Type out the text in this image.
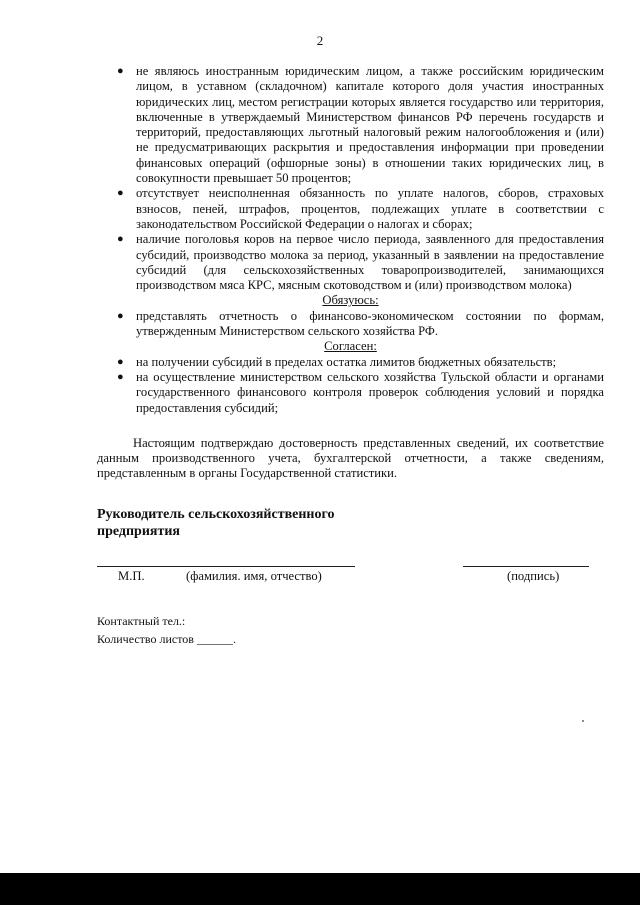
2
● не являюсь иностранным юридическим лицом, а также российским юридическим лицом, в уставном (складочном) капитале которого доля участия иностранных юридических лиц, местом регистрации которых является государство или территория, включенные в утверждаемый Министерством финансов РФ перечень государств и территорий, предоставляющих льготный налоговый режим налогообложения и (или) не предусматривающих раскрытия и предоставления информации при проведении финансовых операций (офшорные зоны) в отношении таких юридических лиц, в совокупности превышает 50 процентов;
● отсутствует неисполненная обязанность по уплате налогов, сборов, страховых взносов, пеней, штрафов, процентов, подлежащих уплате в соответствии с законодательством Российской Федерации о налогах и сборах;
● наличие поголовья коров на первое число периода, заявленного для предоставления субсидий, производство молока за период, указанный в заявлении на предоставление субсидий (для сельскохозяйственных товаропроизводителей, занимающихся производством мяса КРС, мясным скотоводством и (или) производством молока)
Обязуюсь:
● представлять отчетность о финансово-экономическом состоянии по формам, утвержденным Министерством сельского хозяйства РФ.
Согласен:
● на получении субсидий в пределах остатка лимитов бюджетных обязательств;
● на осуществление министерством сельского хозяйства Тульской области и органами государственного финансового контроля проверок соблюдения условий и порядка предоставления субсидий;
Настоящим подтверждаю достоверность представленных сведений, их соответствие данным производственного учета, бухгалтерской отчетности, а также сведениям, представленным в органы Государственной статистики.
Руководитель сельскохозяйственного
предприятия
М.П.	(фамилия. имя, отчество)	(подпись)
Контактный тел.:
Количество листов ______.
